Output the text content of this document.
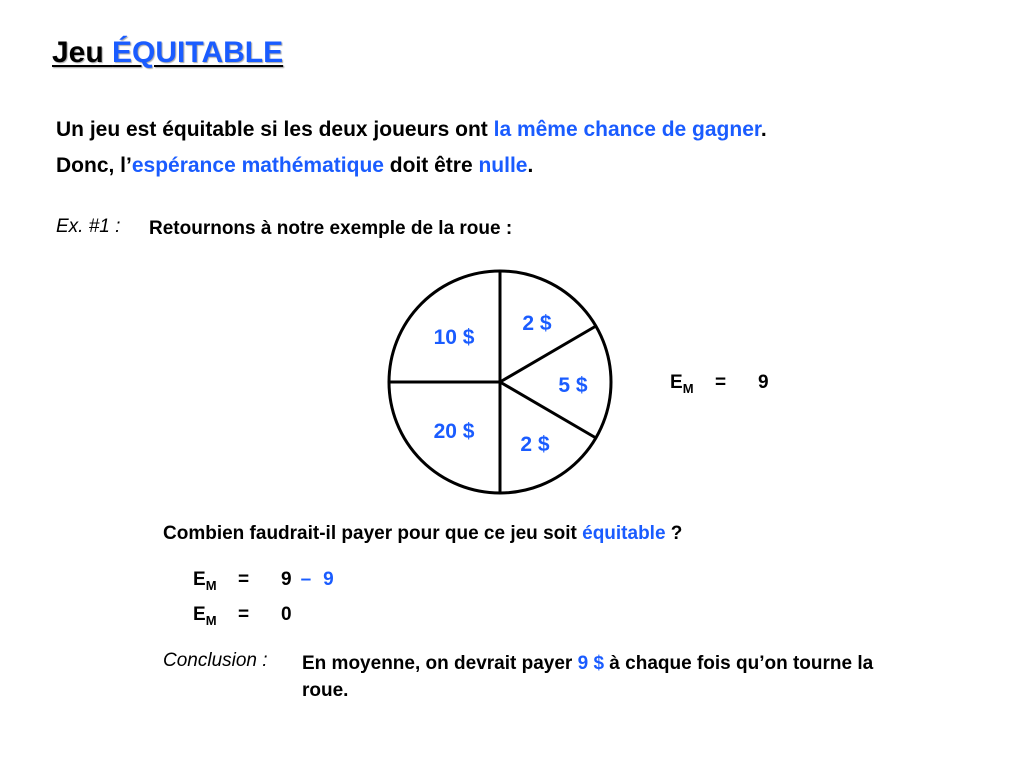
Jeu ÉQUITABLE
Un jeu est équitable si les deux joueurs ont la même chance de gagner.
Donc, l’espérance mathématique doit être nulle.
Ex. #1 : Retournons à notre exemple de la roue :
10 $
2 $
5 $
2 $
20 $
$E_M$	=	9
Combien faudrait-il payer pour que ce jeu soit équitable ?
$E_M$	=	9 – 9
$E_M$	=	0
Conclusion : En moyenne, on devrait payer 9 $ à chaque fois qu’on tourne la roue.
